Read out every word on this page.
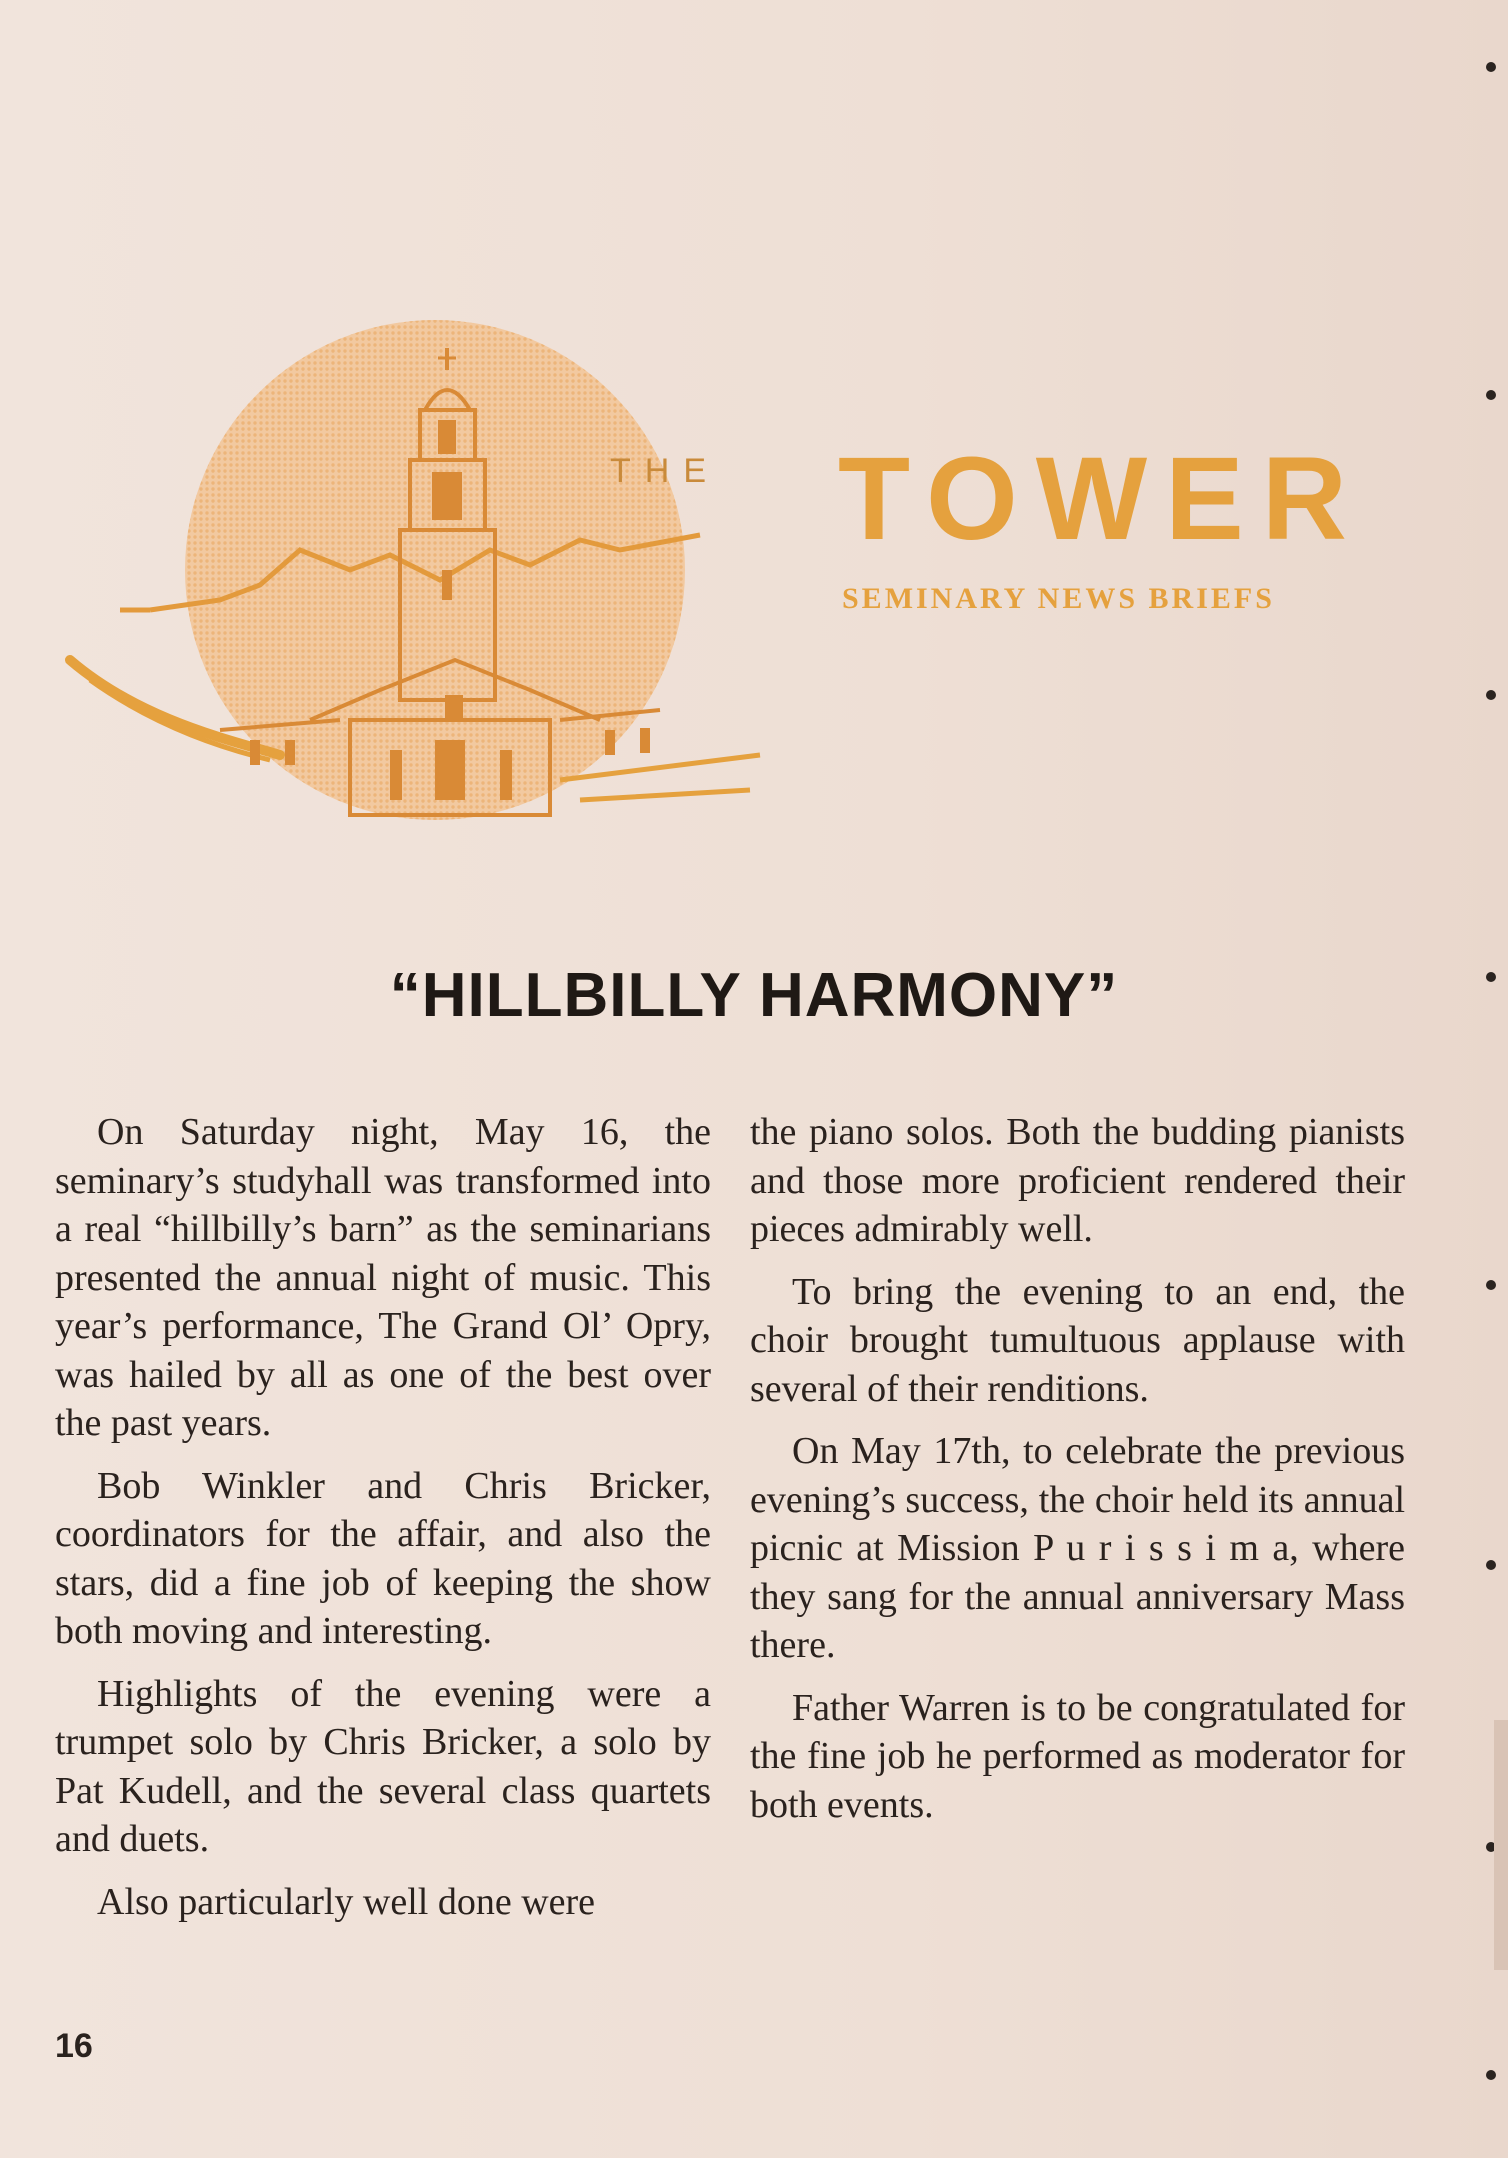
THE TOWER
SEMINARY NEWS BRIEFS
“HILLBILLY HARMONY”

On Saturday night, May 16, the seminary’s studyhall was transformed into a real “hillbilly’s barn” as the seminarians presented the annual night of music. This year’s performance, The Grand Ol’ Opry, was hailed by all as one of the best over the past years.

Bob Winkler and Chris Bricker, coordinators for the affair, and also the stars, did a fine job of keeping the show both moving and interesting.

Highlights of the evening were a trumpet solo by Chris Bricker, a solo by Pat Kudell, and the several class quartets and duets.

Also particularly well done were

the piano solos. Both the budding pianists and those more proficient rendered their pieces admirably well.

To bring the evening to an end, the choir brought tumultuous applause with several of their renditions.

On May 17th, to celebrate the previous evening’s success, the choir held its annual picnic at Mission P u r i s s i m a, where they sang for the annual anniversary Mass there.

Father Warren is to be congratulated for the fine job he performed as moderator for both events.

16
